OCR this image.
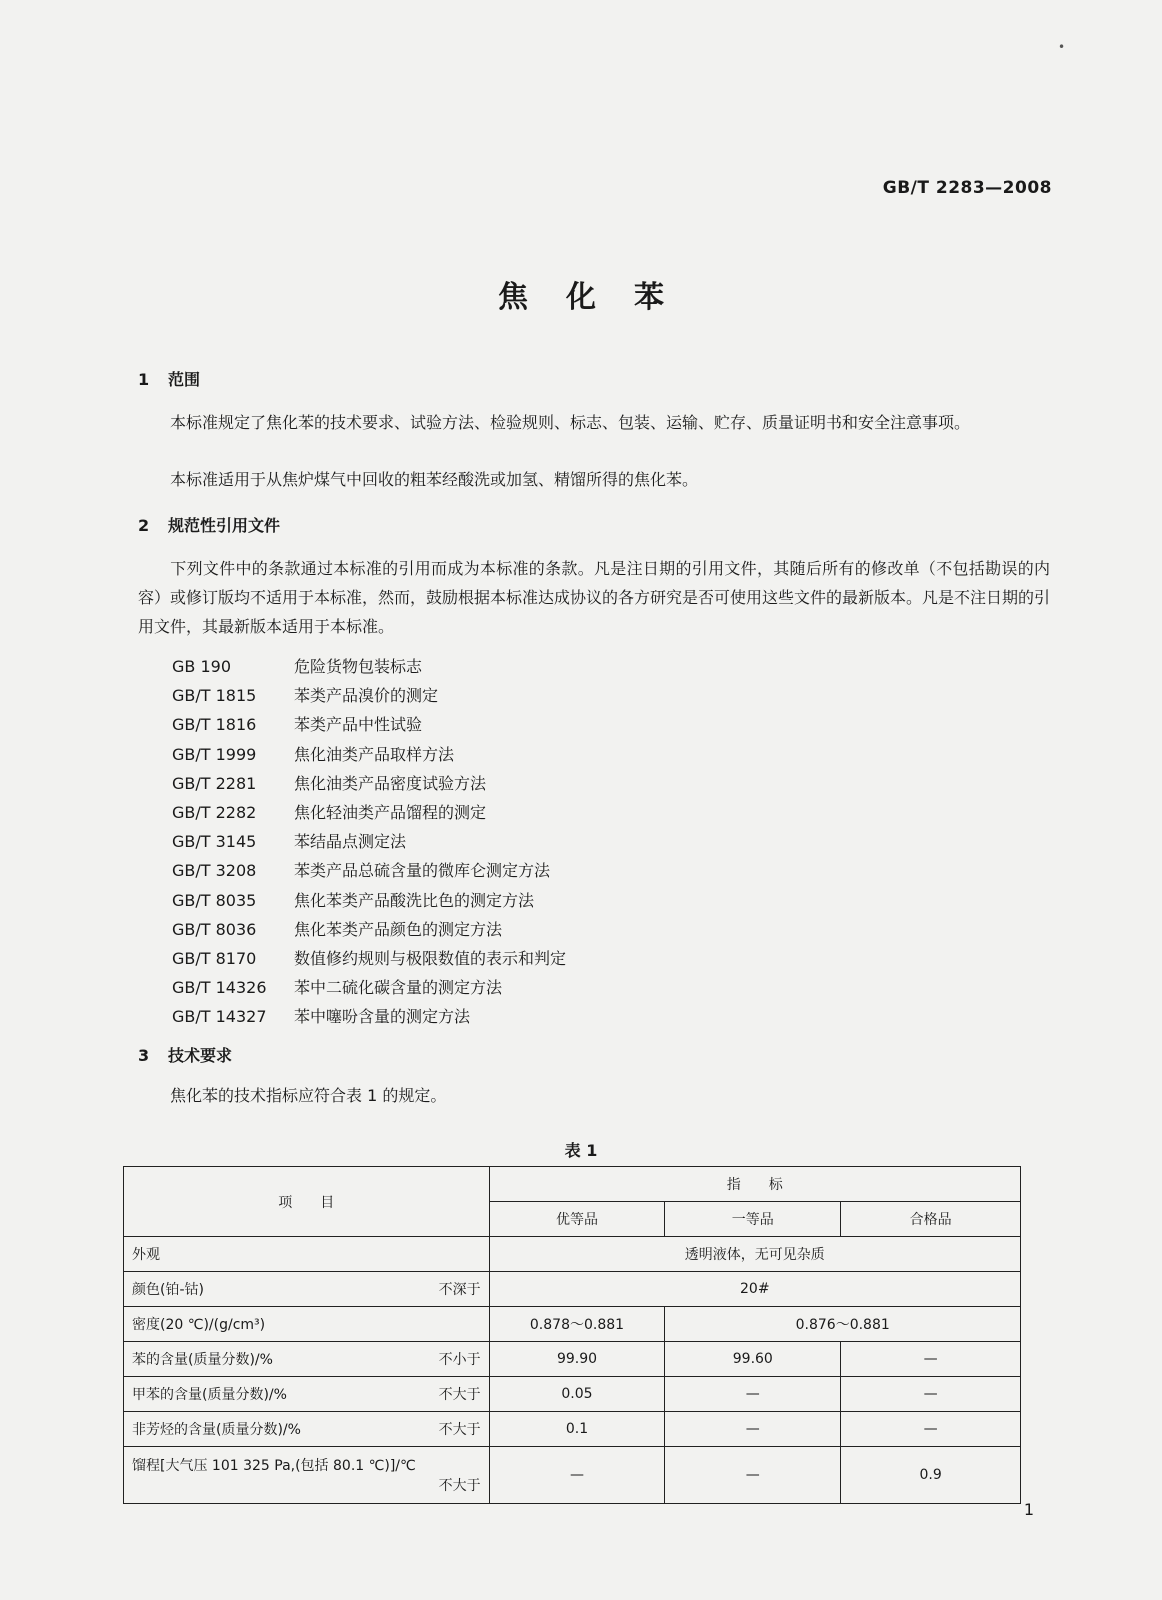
•
GB/T 2283—2008
焦化苯
1 范围
本标准规定了焦化苯的技术要求、试验方法、检验规则、标志、包装、运输、贮存、质量证明书和安全注意事项。
本标准适用于从焦炉煤气中回收的粗苯经酸洗或加氢、精馏所得的焦化苯。
2 规范性引用文件
下列文件中的条款通过本标准的引用而成为本标准的条款。凡是注日期的引用文件，其随后所有的修改单（不包括勘误的内容）或修订版均不适用于本标准，然而，鼓励根据本标准达成协议的各方研究是否可使用这些文件的最新版本。凡是不注日期的引用文件，其最新版本适用于本标准。
GB 190	危险货物包装标志
GB/T 1815 苯类产品溴价的测定
GB/T 1816 苯类产品中性试验
GB/T 1999 焦化油类产品取样方法
GB/T 2281 焦化油类产品密度试验方法
GB/T 2282 焦化轻油类产品馏程的测定
GB/T 3145 苯结晶点测定法
GB/T 3208 苯类产品总硫含量的微库仑测定方法
GB/T 8035 焦化苯类产品酸洗比色的测定方法
GB/T 8036 焦化苯类产品颜色的测定方法
GB/T 8170 数值修约规则与极限数值的表示和判定
GB/T 14326 苯中二硫化碳含量的测定方法
GB/T 14327 苯中噻吩含量的测定方法
3 技术要求
焦化苯的技术指标应符合表 1 的规定。
表 1
项　　目	指　　标		
	优等品	一等品	合格品

外观	透明液体，无可见杂质		

颜色(铂-钴) 不深于	20#		

密度(20 ℃)/(g/cm³)	0.878～0.881	0.876～0.881	

苯的含量(质量分数)/% 不小于	99.90	99.60	—

甲苯的含量(质量分数)/% 不大于	0.05	—	—

非芳烃的含量(质量分数)/% 不大于	0.1	—	—

馏程[大气压 101 325 Pa,(包括 80.1 ℃)]/℃
不大于	—	—	0.9
1
